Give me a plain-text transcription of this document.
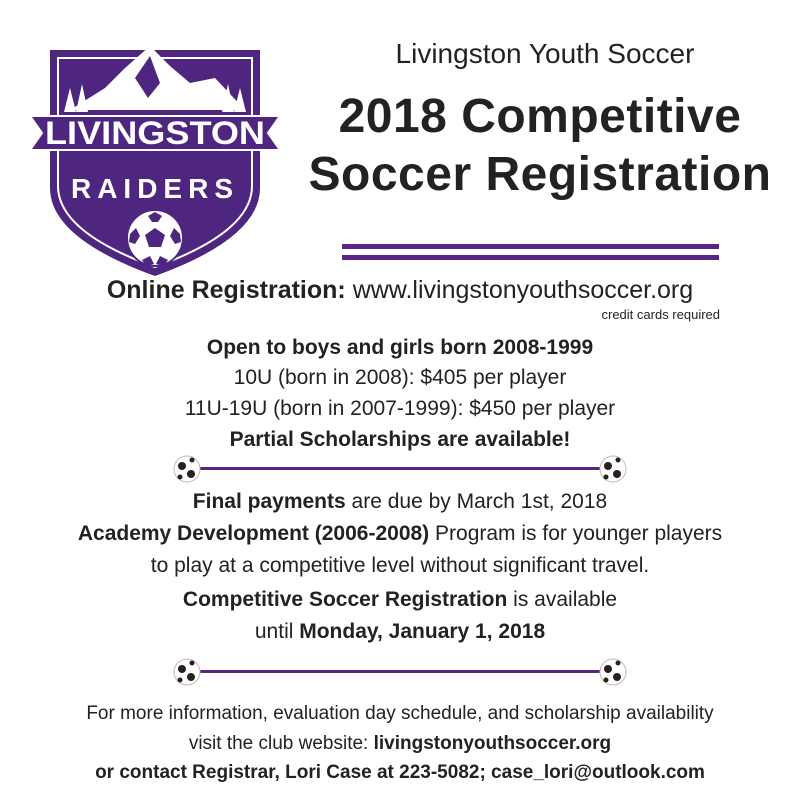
LIVINGSTON
RAIDERS
Livingston Youth Soccer
2018 Competitive
Soccer Registration
Online Registration: www.livingstonyouthsoccer.org
credit cards required
Open to boys and girls born 2008-1999
10U (born in 2008): $405 per player
11U-19U (born in 2007-1999): $450 per player
Partial Scholarships are available!
Final payments are due by March 1st, 2018
Academy Development (2006-2008) Program is for younger players
to play at a competitive level without significant travel.
Competitive Soccer Registration is available
until Monday, January 1, 2018
For more information, evaluation day schedule, and scholarship availability
visit the club website: livingstonyouthsoccer.org
or contact Registrar, Lori Case at 223-5082; case_lori@outlook.com
